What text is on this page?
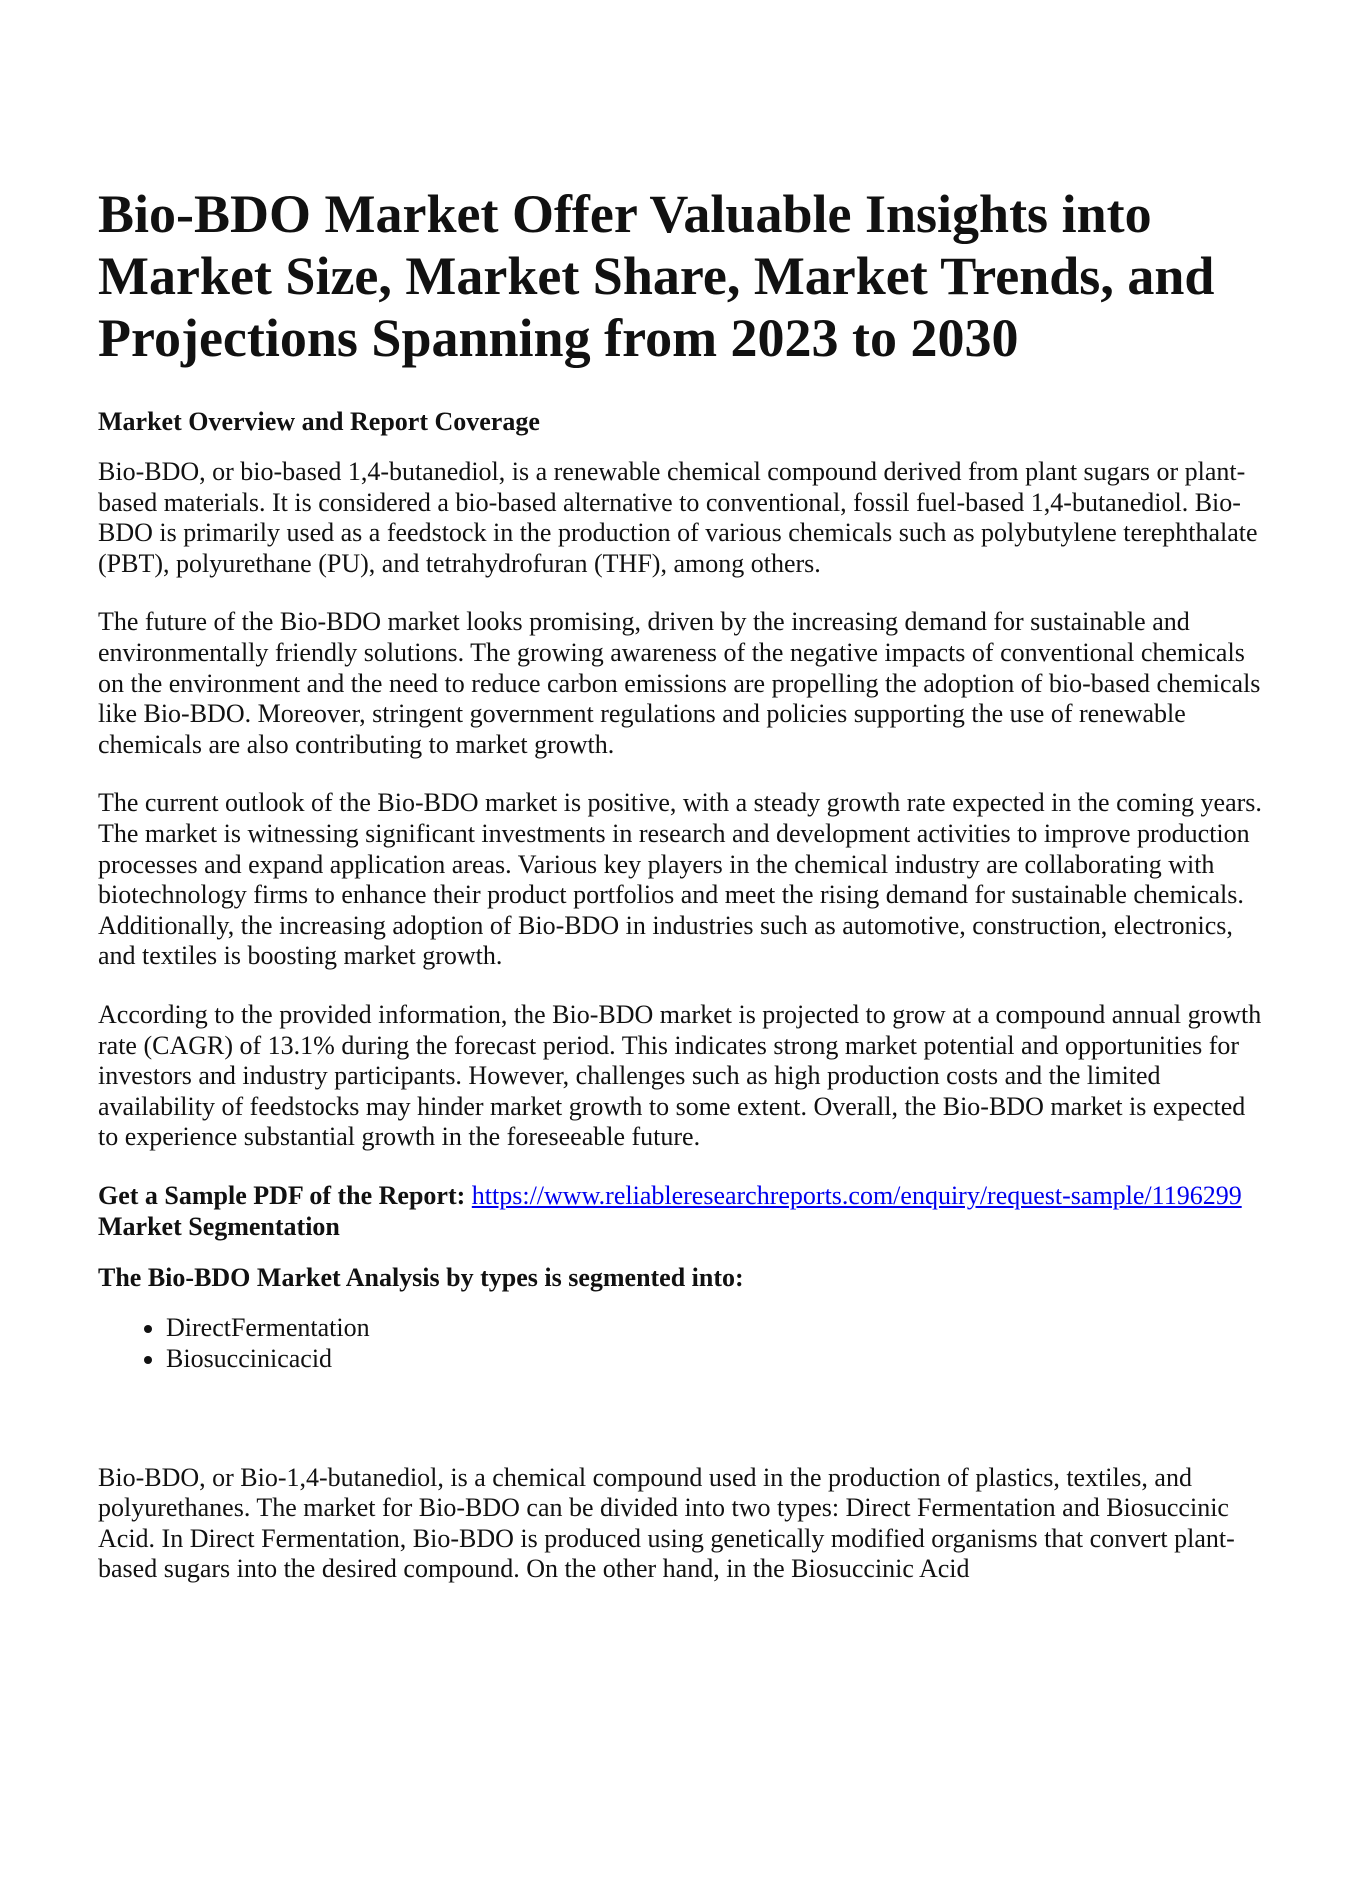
Bio-BDO Market Offer Valuable Insights into Market Size, Market Share, Market Trends, and Projections Spanning from 2023 to 2030
Market Overview and Report Coverage

Bio-BDO, or bio-based 1,4-butanediol, is a renewable chemical compound derived from plant sugars or plant-based materials. It is considered a bio-based alternative to conventional, fossil fuel-based 1,4-butanediol. Bio-BDO is primarily used as a feedstock in the production of various chemicals such as polybutylene terephthalate (PBT), polyurethane (PU), and tetrahydrofuran (THF), among others.

The future of the Bio-BDO market looks promising, driven by the increasing demand for sustainable and environmentally friendly solutions. The growing awareness of the negative impacts of conventional chemicals on the environment and the need to reduce carbon emissions are propelling the adoption of bio-based chemicals like Bio-BDO. Moreover, stringent government regulations and policies supporting the use of renewable chemicals are also contributing to market growth.

The current outlook of the Bio-BDO market is positive, with a steady growth rate expected in the coming years. The market is witnessing significant investments in research and development activities to improve production processes and expand application areas. Various key players in the chemical industry are collaborating with biotechnology firms to enhance their product portfolios and meet the rising demand for sustainable chemicals. Additionally, the increasing adoption of Bio-BDO in industries such as automotive, construction, electronics, and textiles is boosting market growth.

According to the provided information, the Bio-BDO market is projected to grow at a compound annual growth rate (CAGR) of 13.1% during the forecast period. This indicates strong market potential and opportunities for investors and industry participants. However, challenges such as high production costs and the limited availability of feedstocks may hinder market growth to some extent. Overall, the Bio-BDO market is expected to experience substantial growth in the foreseeable future.

Get a Sample PDF of the Report: https://www.reliableresearchreports.com/enquiry/request-sample/1196299

Market Segmentation
The Bio-BDO Market Analysis by types is segmented into:
• DirectFermentation
• Biosuccinicacid

Bio-BDO, or Bio-1,4-butanediol, is a chemical compound used in the production of plastics, textiles, and polyurethanes. The market for Bio-BDO can be divided into two types: Direct Fermentation and Biosuccinic Acid. In Direct Fermentation, Bio-BDO is produced using genetically modified organisms that convert plant-based sugars into the desired compound. On the other hand, in the Biosuccinic Acid
